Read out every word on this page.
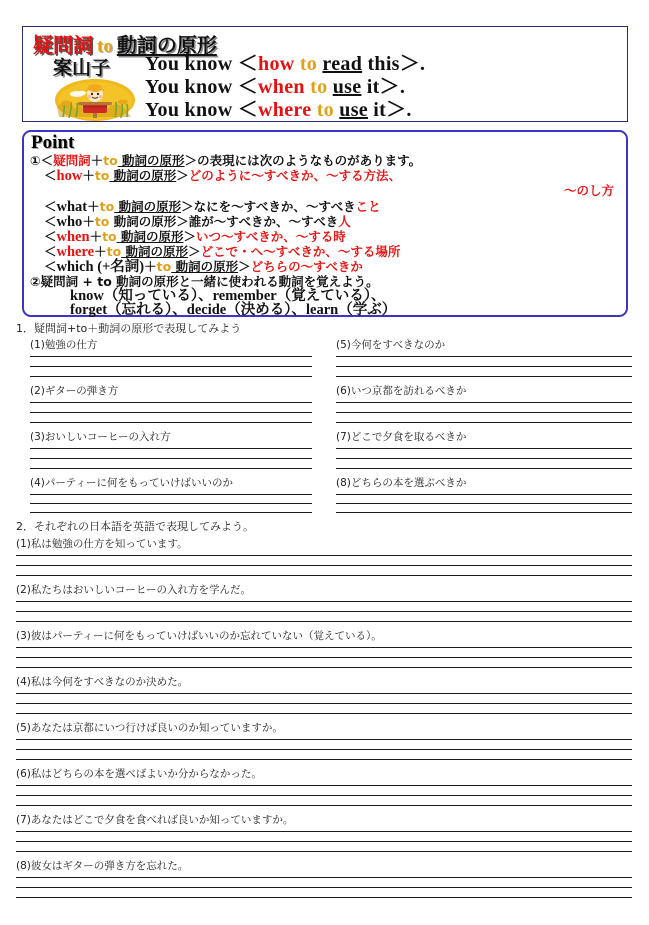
疑問詞 to 動詞の原形
案山子 You know ＜how to read this＞.
You know ＜when to use it＞.
You know ＜where to use it＞.
Point
①＜疑問詞＋to 動詞の原形＞の表現には次のようなものがあります。
＜how＋to 動詞の原形＞どのように～すべきか、～する方法、
～のし方
＜what＋to 動詞の原形＞なにを～すべきか、～すべきこと
＜who＋to 動詞の原形＞誰が～すべきか、～すべき人
＜when＋to 動詞の原形＞いつ～すべきか、～する時
＜where＋to 動詞の原形＞どこで・へ～すべきか、～する場所
＜which (+名詞)＋to 動詞の原形＞どちらの～すべきか
②疑問詞 + to 動詞の原形と一緒に使われる動詞を覚えよう。
know（知っている）、remember（覚えている）、
forget（忘れる）、decide（決める）、learn（学ぶ）
1．疑問詞+to＋動詞の原形で表現してみよう
(1)勉強の仕方
(2)ギターの弾き方
(3)おいしいコーヒーの入れ方
(4)パーティーに何をもっていけばいいのか
(5)今何をすべきなのか
(6)いつ京都を訪れるべきか
(7)どこで夕食を取るべきか
(8)どちらの本を選ぶべきか
2．それぞれの日本語を英語で表現してみよう。
(1)私は勉強の仕方を知っています。
(2)私たちはおいしいコーヒーの入れ方を学んだ。
(3)彼はパーティーに何をもっていけばいいのか忘れていない（覚えている）。
(4)私は今何をすべきなのか決めた。
(5)あなたは京都にいつ行けば良いのか知っていますか。
(6)私はどちらの本を選べばよいか分からなかった。
(7)あなたはどこで夕食を食べれば良いか知っていますか。
(8)彼女はギターの弾き方を忘れた。
